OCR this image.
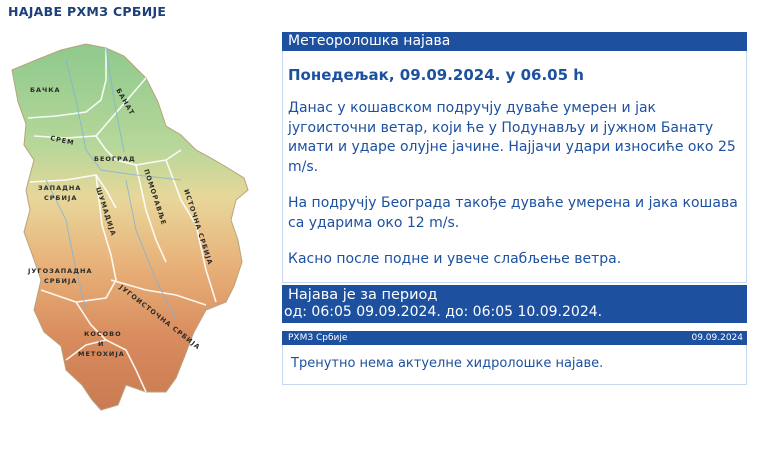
НАЈАВЕ РХМЗ СРБИЈЕ
БАЧКА	БАНАТ
СРЕМ
БЕОГРАД
ЗАПАДНА
СРБИЈА	ШУМАДИЈА	ПОМОРАВЉЕ ИСТОЧНА СРБИЈА
ЈУГОЗАПАДНА
СРБИЈА
ЈУГОИСТОЧНА СРБИЈА
КОСОВО
И
МЕТОХИЈА
Метеоролошка најава
Понедељак, 09.09.2024. у 06.05 h
Данас у кошавском подручју дуваће умерен и јак југоисточни ветар, који ће у Подунављу и јужном Банату имати и ударе олујне јачине. Најјачи удари износиће око 25 m/s.
На подручју Београда такође дуваће умерена и јака кошава са ударима око 12 m/s.
Касно после подне и увече слабљење ветра.
Најава је за период
од: 06:05 09.09.2024. до: 06:05 10.09.2024.
РХМЗ Србије	09.09.2024
Тренутно нема актуелне хидролошке најаве.
